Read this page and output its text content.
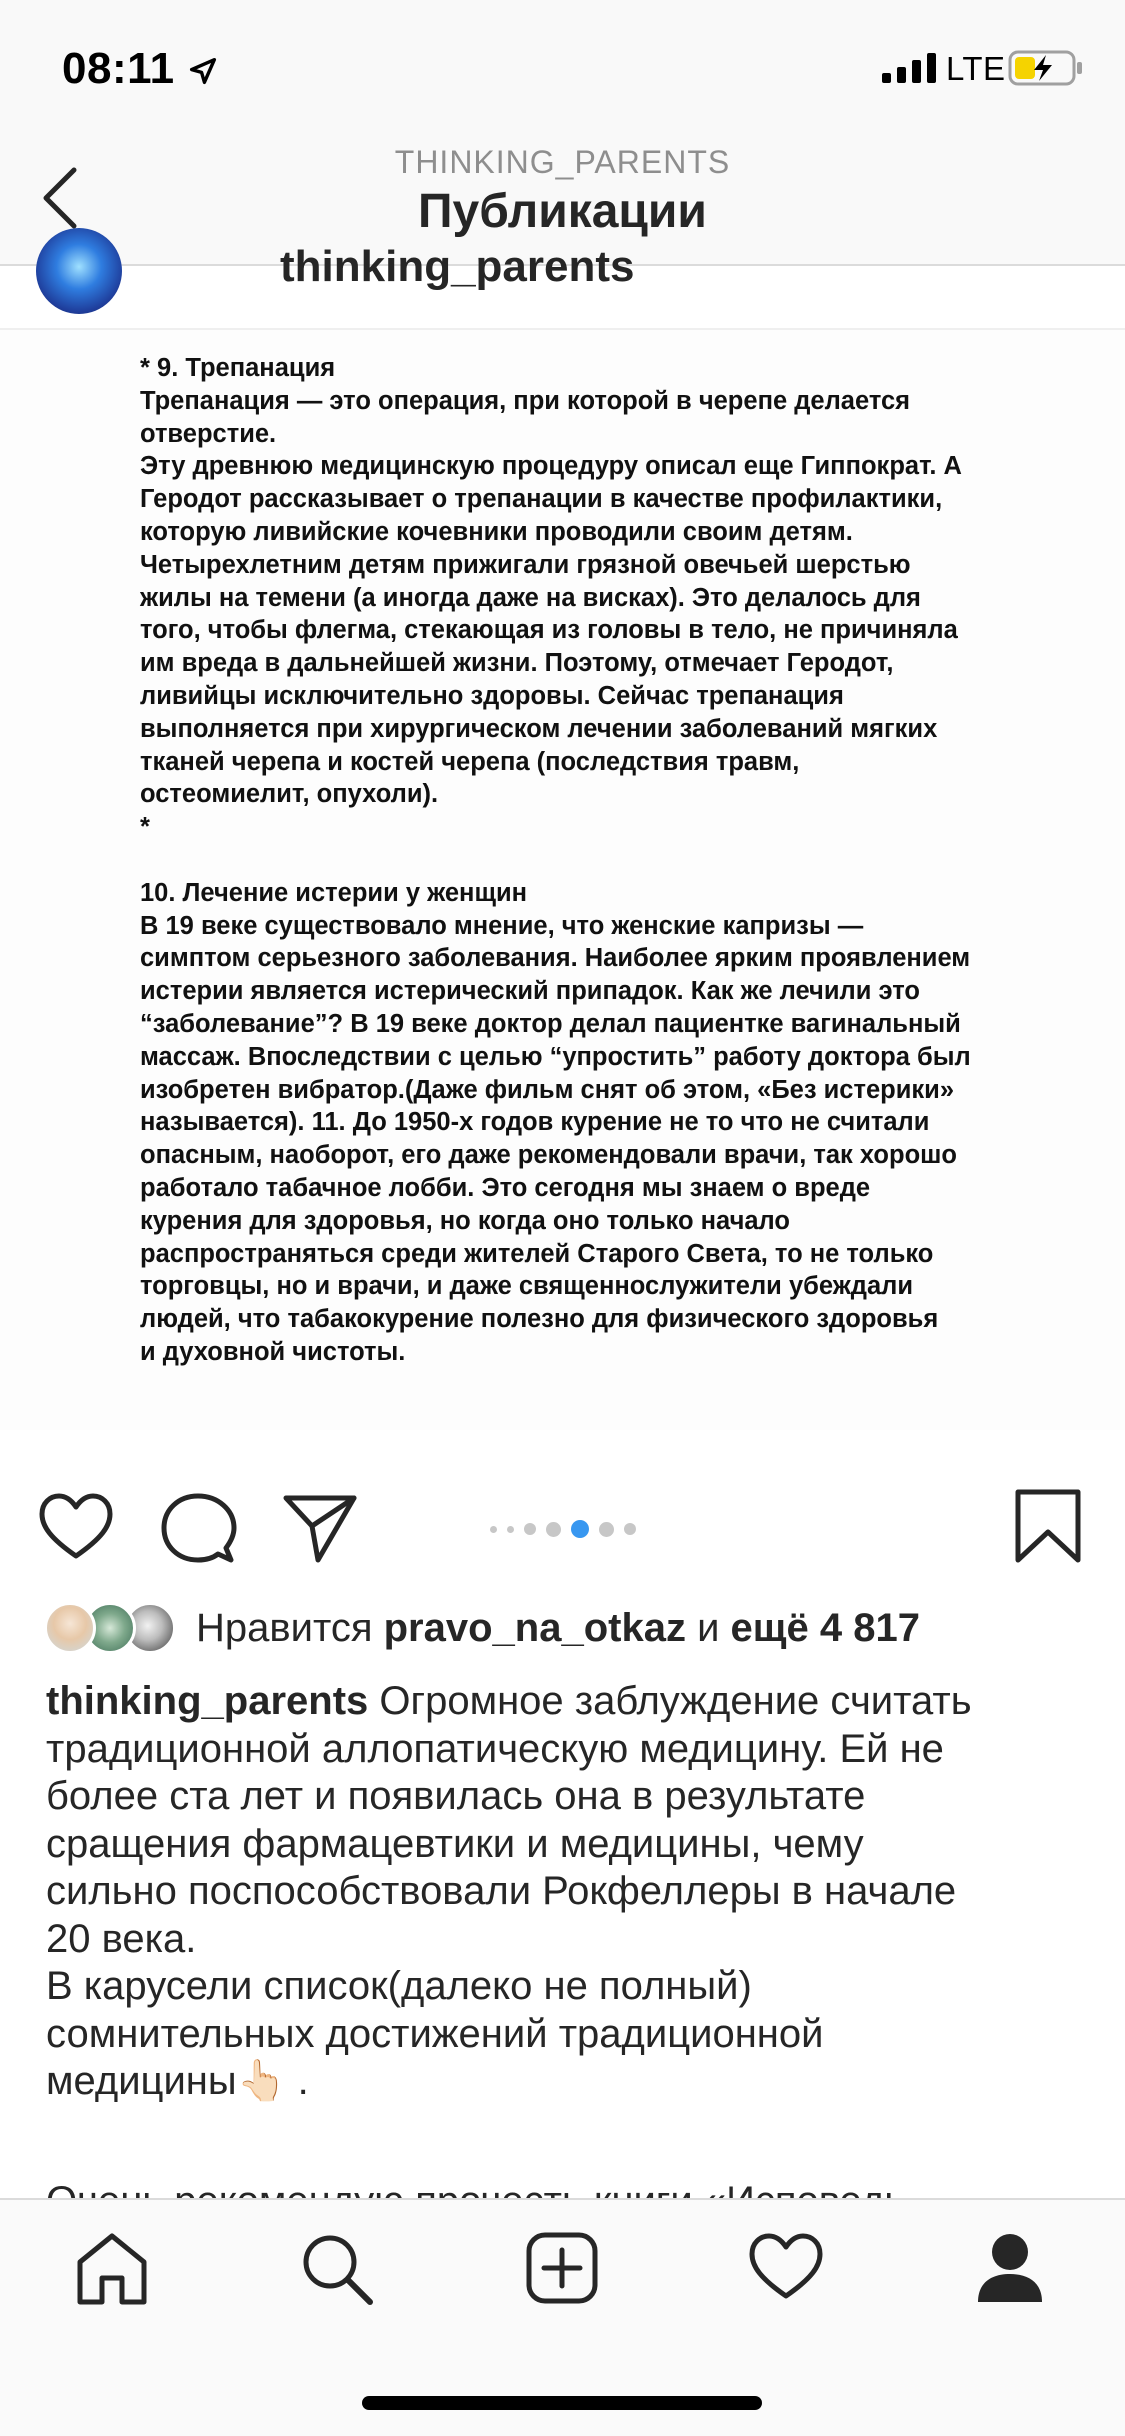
08:11	LTE
THINKING_PARENTS
Публикации
thinking_parents
* 9. Трепанация
Трепанация — это операция, при которой в черепе делается
отверстие.
Эту древнюю медицинскую процедуру описал еще Гиппократ. А
Геродот рассказывает о трепанации в качестве профилактики,
которую ливийские кочевники проводили своим детям.
Четырехлетним детям прижигали грязной овечьей шерстью
жилы на темени (а иногда даже на висках). Это делалось для
того, чтобы флегма, стекающая из головы в тело, не причиняла
им вреда в дальнейшей жизни. Поэтому, отмечает Геродот,
ливийцы исключительно здоровы. Сейчас трепанация
выполняется при хирургическом лечении заболеваний мягких
тканей черепа и костей черепа (последствия травм,
остеомиелит, опухоли).
*

10. Лечение истерии у женщин
В 19 веке существовало мнение, что женские капризы —
симптом серьезного заболевания. Наиболее ярким проявлением
истерии является истерический припадок. Как же лечили это
“заболевание”? В 19 веке доктор делал пациентке вагинальный
массаж. Впоследствии с целью “упростить” работу доктора был
изобретен вибратор.(Даже фильм снят об этом, «Без истерики»
называется). 11. До 1950-х годов курение не то что не считали
опасным, наоборот, его даже рекомендовали врачи, так хорошо
работало табачное лобби. Это сегодня мы знаем о вреде
курения для здоровья, но когда оно только начало
распространяться среди жителей Старого Света, то не только
торговцы, но и врачи, и даже священнослужители убеждали
людей, что табакокурение полезно для физического здоровья
и духовной чистоты.
Нравится pravo_na_otkaz и ещё 4 817
thinking_parents Огромное заблуждение считать
традиционной аллопатическую медицину. Ей не
более ста лет и появилась она в результате
сращения фармацевтики и медицины, чему
сильно поспособствовали Рокфеллеры в начале
20 века.
В карусели список(далеко не полный)
сомнительных достижений традиционной
медицины👆🏻 .
